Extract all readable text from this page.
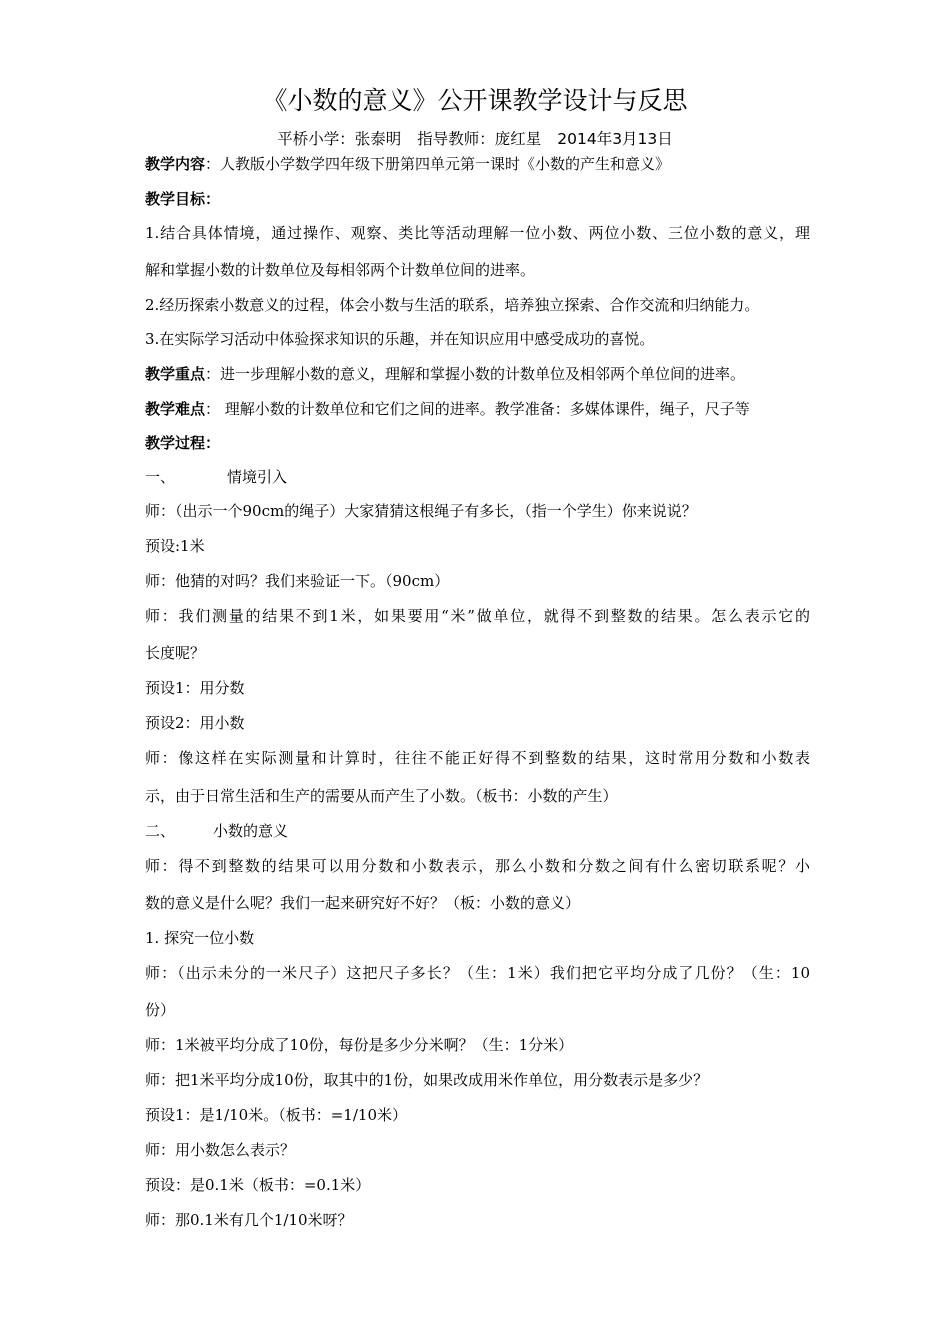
《小数的意义》公开课教学设计与反思
平桥小学：张泰明 指导教师：庞红星 2014年3月13日
教学内容：人教版小学数学四年级下册第四单元第一课时《小数的产生和意义》
教学目标：
1.结合具体情境，通过操作、观察、类比等活动理解一位小数、两位小数、三位小数的意义，理
解和掌握小数的计数单位及每相邻两个计数单位间的进率。
2.经历探索小数意义的过程，体会小数与生活的联系，培养独立探索、合作交流和归纳能力。
3.在实际学习活动中体验探求知识的乐趣，并在知识应用中感受成功的喜悦。
教学重点：进一步理解小数的意义，理解和掌握小数的计数单位及相邻两个单位间的进率。
教学难点： 理解小数的计数单位和它们之间的进率。教学准备：多媒体课件，绳子，尺子等
教学过程：
一、	情境引入
师：（出示一个90cm的绳子）大家猜猜这根绳子有多长，（指一个学生）你来说说？
预设:1米
师：他猜的对吗？我们来验证一下。（90cm）
师：我们测量的结果不到1米，如果要用“米”做单位，就得不到整数的结果。怎么表示它的
长度呢？
预设1：用分数
预设2：用小数
师：像这样在实际测量和计算时，往往不能正好得不到整数的结果，这时常用分数和小数表
示，由于日常生活和生产的需要从而产生了小数。（板书：小数的产生）
二、	小数的意义
师：得不到整数的结果可以用分数和小数表示，那么小数和分数之间有什么密切联系呢？小
数的意义是什么呢？我们一起来研究好不好？（板：小数的意义）
1. 探究一位小数
师：（出示未分的一米尺子）这把尺子多长？（生：1米）我们把它平均分成了几份？（生：10
份）
师：1米被平均分成了10份，每份是多少分米啊？（生：1分米）
师：把1米平均分成10份，取其中的1份，如果改成用米作单位，用分数表示是多少？
预设1：是1/10米。（板书：=1/10米）
师：用小数怎么表示？
预设：是0.1米（板书：=0.1米）
师：那0.1米有几个1/10米呀？
